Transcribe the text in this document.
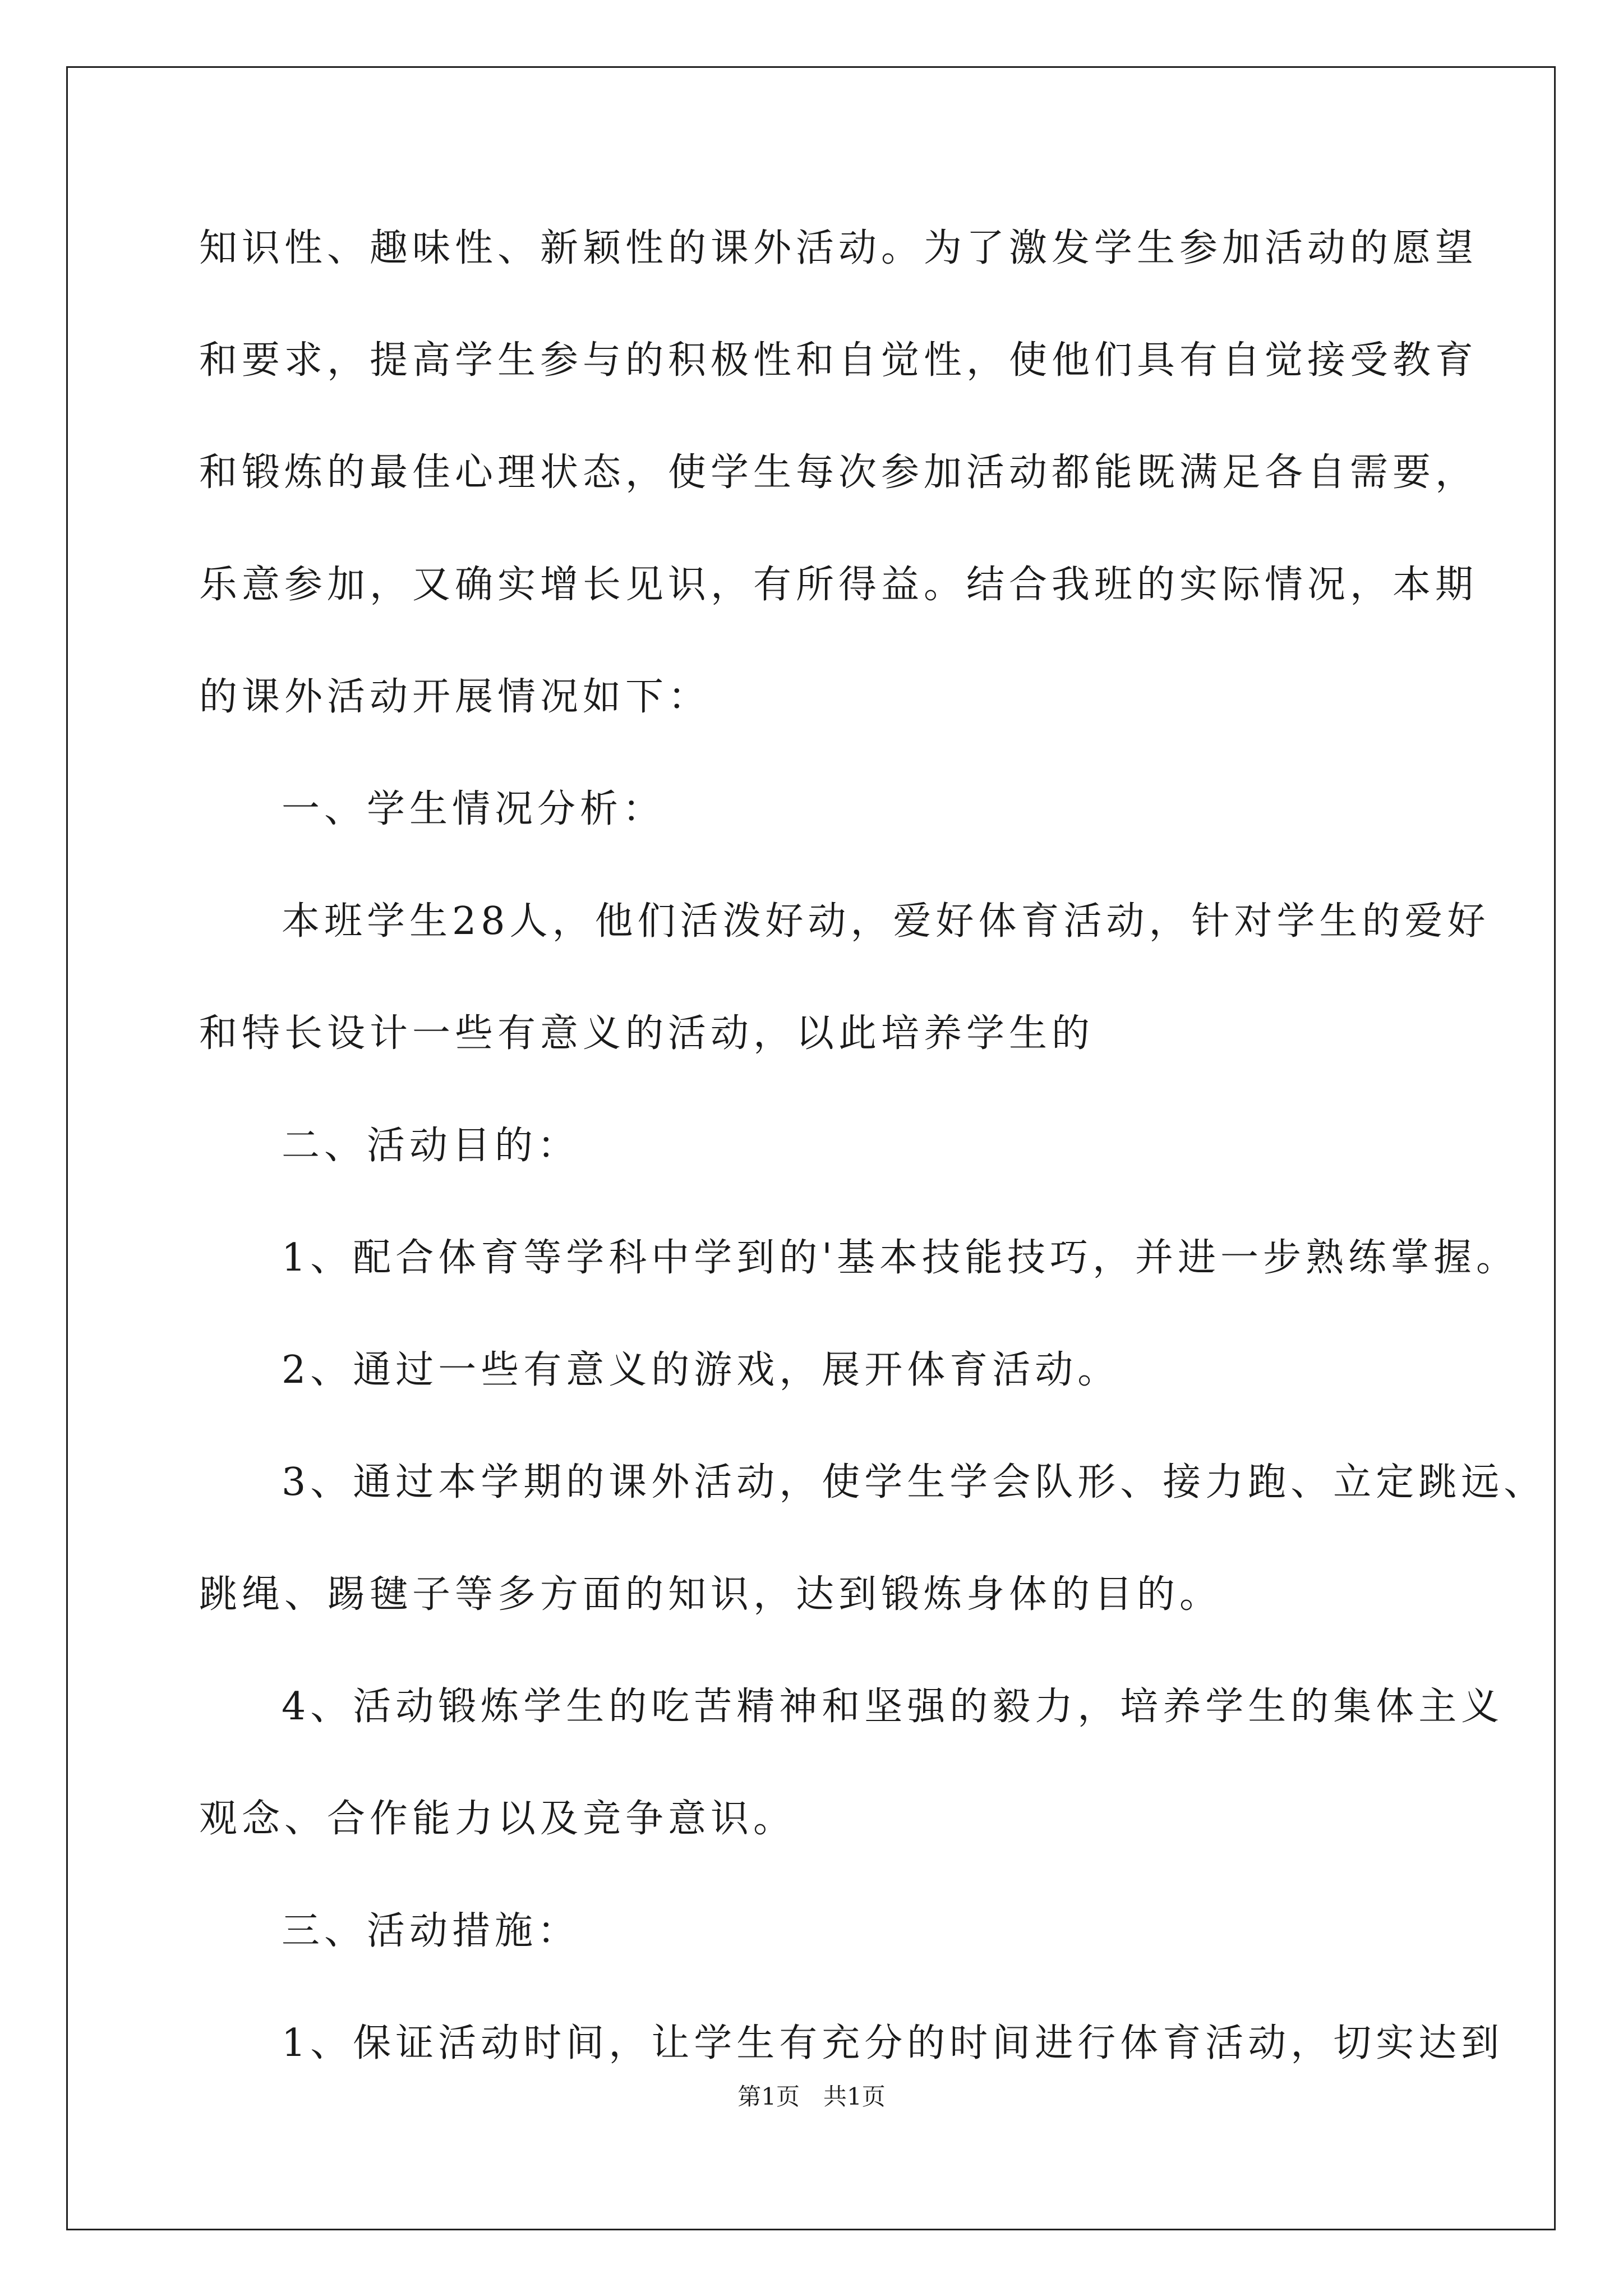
知识性、趣味性、新颖性的课外活动。为了激发学生参加活动的愿望
和要求，提高学生参与的积极性和自觉性，使他们具有自觉接受教育
和锻炼的最佳心理状态，使学生每次参加活动都能既满足各自需要，
乐意参加，又确实增长见识，有所得益。结合我班的实际情况，本期
的课外活动开展情况如下：
一、学生情况分析：
本班学生28人，他们活泼好动，爱好体育活动，针对学生的爱好
和特长设计一些有意义的活动，以此培养学生的
二、活动目的：
1、配合体育等学科中学到的'基本技能技巧，并进一步熟练掌握。
2、通过一些有意义的游戏，展开体育活动。
3、通过本学期的课外活动，使学生学会队形、接力跑、立定跳远、
跳绳、踢毽子等多方面的知识，达到锻炼身体的目的。
4、活动锻炼学生的吃苦精神和坚强的毅力，培养学生的集体主义
观念、合作能力以及竞争意识。
三、活动措施：
1、保证活动时间，让学生有充分的时间进行体育活动，切实达到
第1页　共1页
